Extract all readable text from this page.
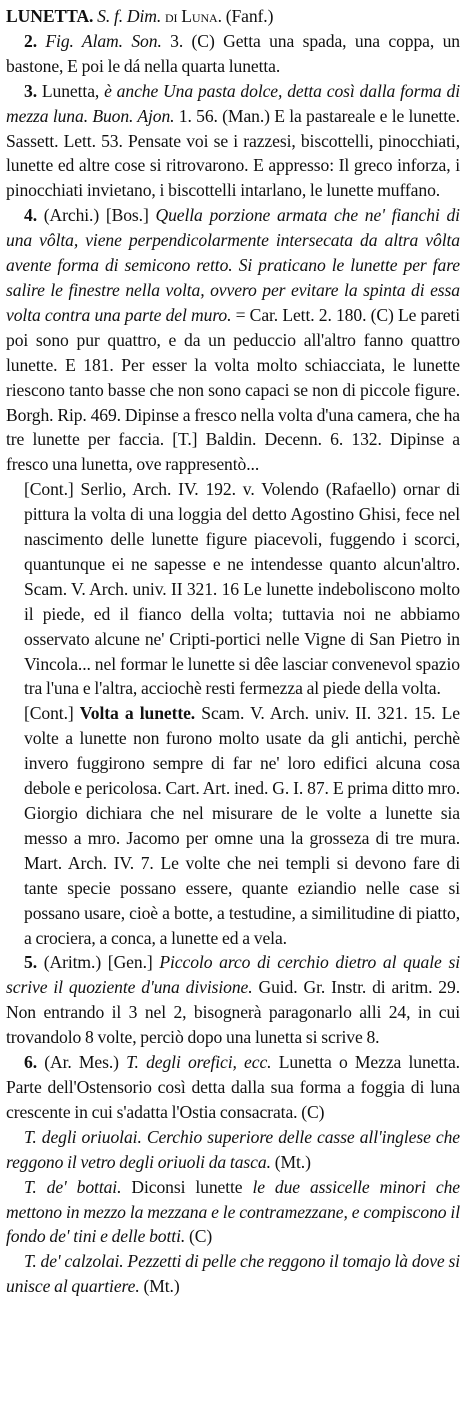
LUNETTA. S. f. Dim. di Luna. (Fanf.)

2. Fig. Alam. Son. 3. (C) Getta una spada, una coppa, un bastone, E poi le dá nella quarta lunetta.

3. Lunetta, è anche Una pasta dolce, detta così dalla forma di mezza luna. Buon. Ajon. 1. 56. (Man.) E la pastareale e le lunette. Sassett. Lett. 53. Pensate voi se i razzesi, biscottelli, pinocchiati, lunette ed altre cose si ritrovarono. E appresso: Il greco inforza, i pinocchiati invietano, i biscottelli intarlano, le lunette muffano.

4. (Archi.) [Bos.] Quella porzione armata che ne' fianchi di una vôlta, viene perpendicolarmente intersecata da altra vôlta avente forma di semicono retto. Si praticano le lunette per fare salire le finestre nella volta, ovvero per evitare la spinta di essa volta contra una parte del muro. = Car. Lett. 2. 180. (C) Le pareti poi sono pur quattro, e da un peduccio all'altro fanno quattro lunette. E 181. Per esser la volta molto schiacciata, le lunette riescono tanto basse che non sono capaci se non di piccole figure. Borgh. Rip. 469. Dipinse a fresco nella volta d'una camera, che ha tre lunette per faccia. [T.] Baldin. Decenn. 6. 132. Dipinse a fresco una lunetta, ove rappresentò...

[Cont.] Serlio, Arch. IV. 192. v. Volendo (Rafaello) ornar di pittura la volta di una loggia del detto Agostino Ghisi, fece nel nascimento delle lunette figure piacevoli, fuggendo i scorci, quantunque ei ne sapesse e ne intendesse quanto alcun'altro. Scam. V. Arch. univ. II 321. 16 Le lunette indeboliscono molto il piede, ed il fianco della volta; tuttavia noi ne abbiamo osservato alcune ne' Cripti-portici nelle Vigne di San Pietro in Vincola... nel formar le lunette si dêe lasciar convenevol spazio tra l'una e l'altra, acciochè resti fermezza al piede della volta.

[Cont.] Volta a lunette. Scam. V. Arch. univ. II. 321. 15. Le volte a lunette non furono molto usate da gli antichi, perchè invero fuggirono sempre di far ne' loro edifici alcuna cosa debole e pericolosa. Cart. Art. ined. G. I. 87. E prima ditto mro. Giorgio dichiara che nel misurare de le volte a lunette sia messo a mro. Jacomo per omne una la grosseza di tre mura. Mart. Arch. IV. 7. Le volte che nei templi si devono fare di tante specie possano essere, quante eziandio nelle case si possano usare, cioè a botte, a testudine, a similitudine di piatto, a crociera, a conca, a lunette ed a vela.

5. (Aritm.) [Gen.] Piccolo arco di cerchio dietro al quale si scrive il quoziente d'una divisione. Guid. Gr. Instr. di aritm. 29. Non entrando il 3 nel 2, bisognerà paragonarlo alli 24, in cui trovandolo 8 volte, perciò dopo una lunetta si scrive 8.

6. (Ar. Mes.) T. degli orefici, ecc. Lunetta o Mezza lunetta. Parte dell'Ostensorio così detta dalla sua forma a foggia di luna crescente in cui s'adatta l'Ostia consacrata. (C)

T. degli oriuolai. Cerchio superiore delle casse all'inglese che reggono il vetro degli oriuoli da tasca. (Mt.)

T. de' bottai. Diconsi lunette le due assicelle minori che mettono in mezzo la mezzana e le contramezzane, e compiscono il fondo de' tini e delle botti. (C)

T. de' calzolai. Pezzetti di pelle che reggono il tomajo là dove si unisce al quartiere. (Mt.)
